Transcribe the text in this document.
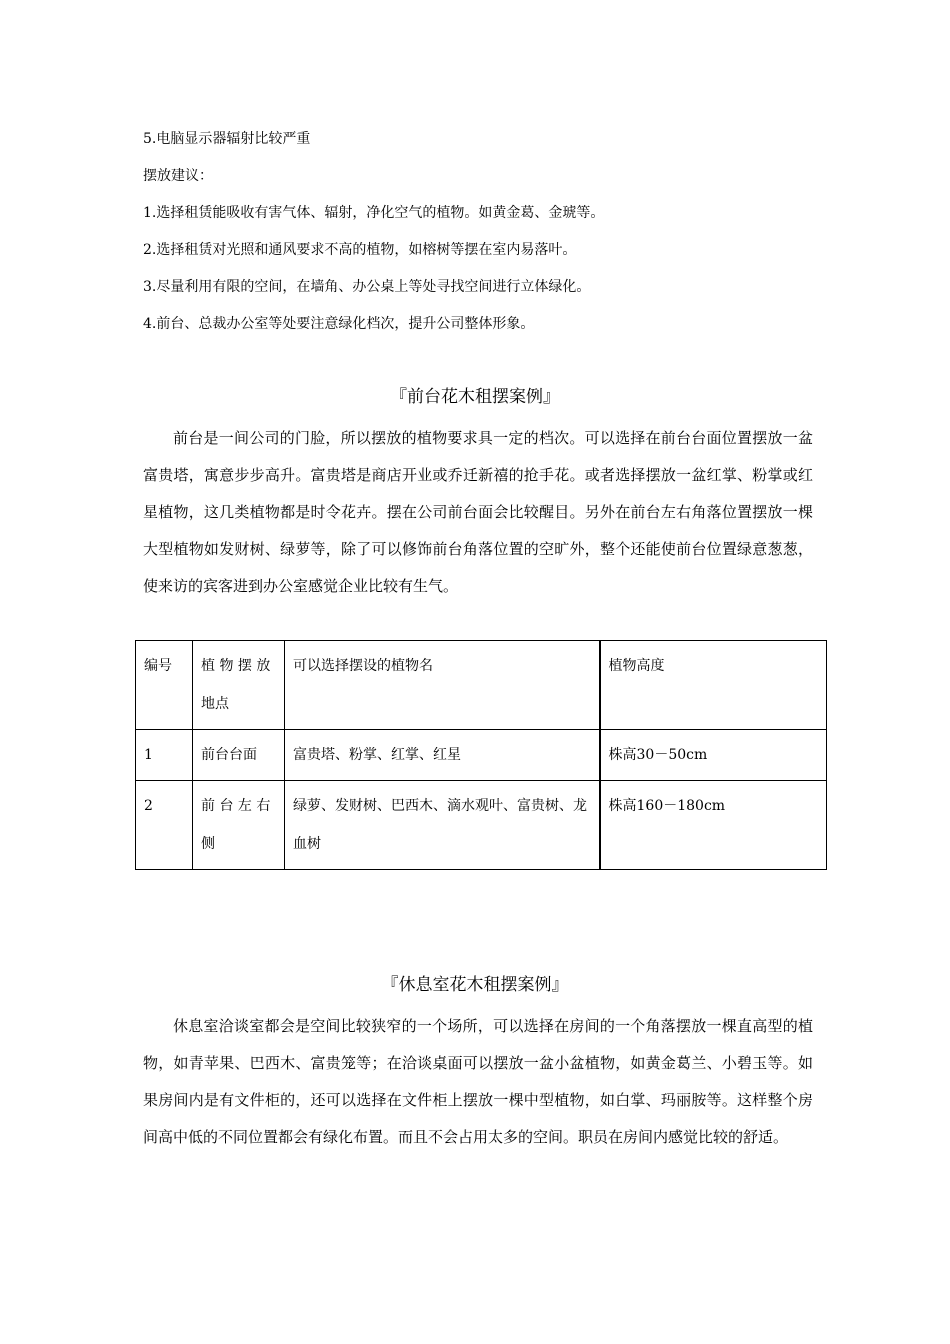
5.电脑显示器辐射比较严重
摆放建议：
1.选择租赁能吸收有害气体、辐射，净化空气的植物。如黄金葛、金琥等。
2.选择租赁对光照和通风要求不高的植物，如榕树等摆在室内易落叶。
3.尽量利用有限的空间，在墙角、办公桌上等处寻找空间进行立体绿化。
4.前台、总裁办公室等处要注意绿化档次，提升公司整体形象。
『前台花木租摆案例』

前台是一间公司的门脸，所以摆放的植物要求具一定的档次。可以选择在前台台面位置摆放一盆富贵塔，寓意步步高升。富贵塔是商店开业或乔迁新禧的抢手花。或者选择摆放一盆红掌、粉掌或红星植物，这几类植物都是时令花卉。摆在公司前台面会比较醒目。另外在前台左右角落位置摆放一棵大型植物如发财树、绿萝等，除了可以修饰前台角落位置的空旷外，整个还能使前台位置绿意葱葱，使来访的宾客进到办公室感觉企业比较有生气。

编号	植 物 摆 放 地点	可以选择摆设的植物名	植物高度
1	前台台面	富贵塔、粉掌、红掌、红星	株高30－50cm
2	前 台 左 右 侧	绿萝、发财树、巴西木、滴水观叶、富贵树、龙血树	株高160－180cm
『休息室花木租摆案例』

休息室洽谈室都会是空间比较狭窄的一个场所，可以选择在房间的一个角落摆放一棵直高型的植物，如青苹果、巴西木、富贵笼等；在洽谈桌面可以摆放一盆小盆植物，如黄金葛兰、小碧玉等。如果房间内是有文件柜的，还可以选择在文件柜上摆放一棵中型植物，如白掌、玛丽胺等。这样整个房间高中低的不同位置都会有绿化布置。而且不会占用太多的空间。职员在房间内感觉比较的舒适。
